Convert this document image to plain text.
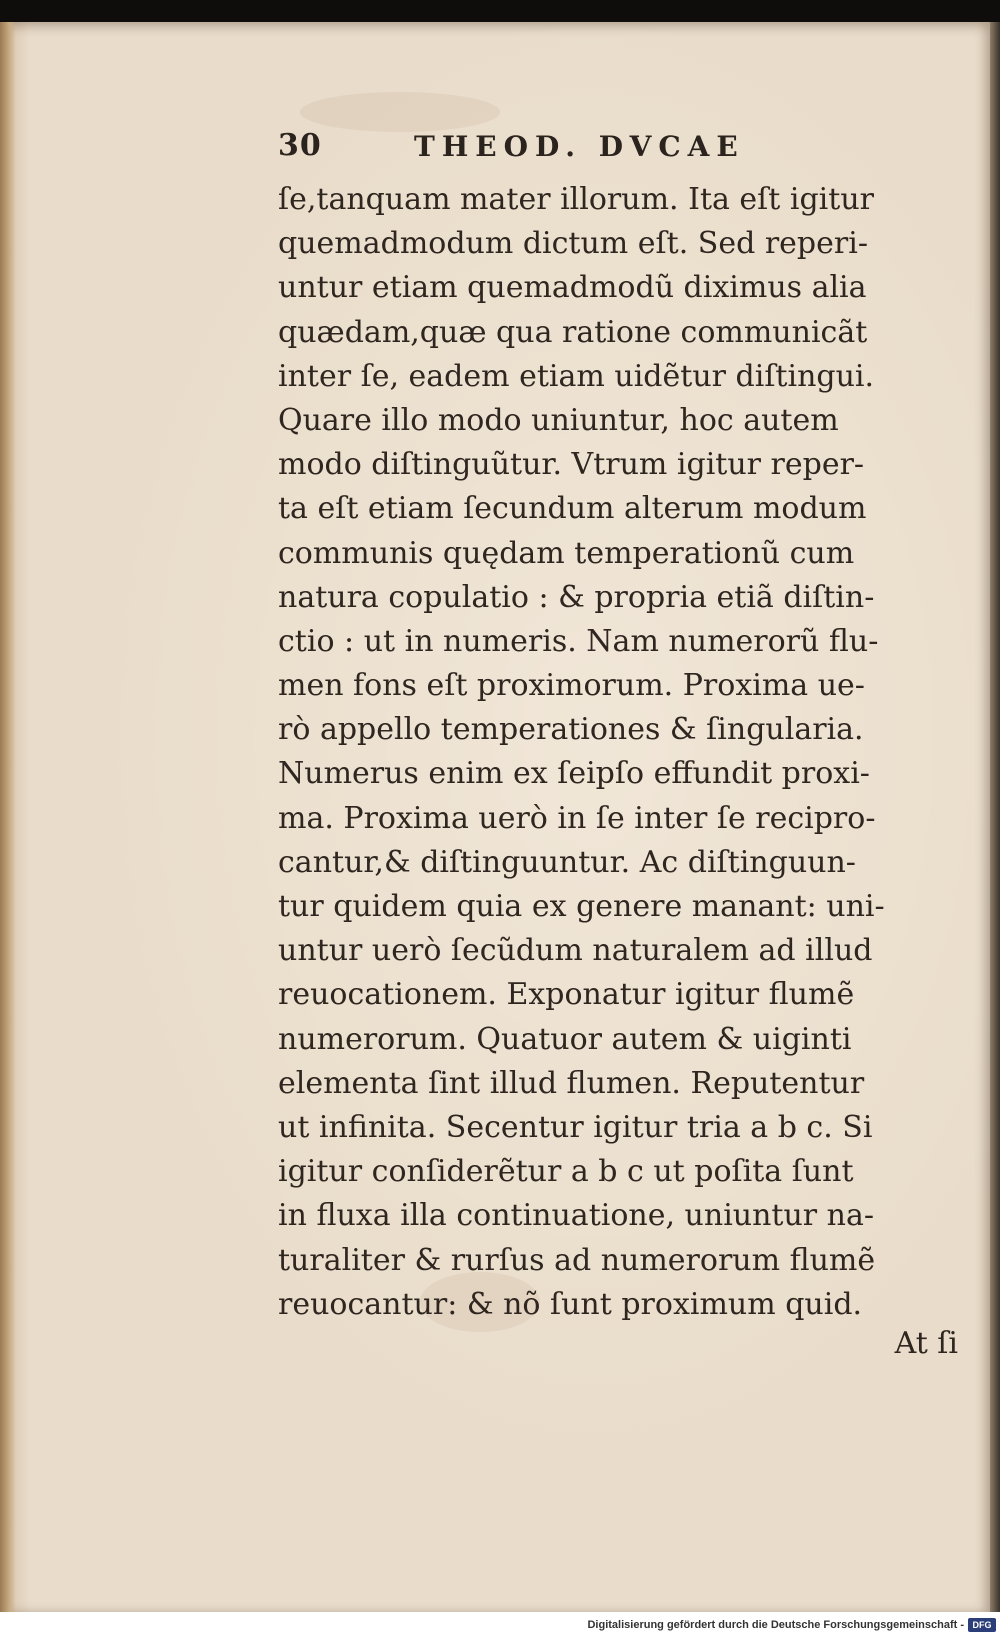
30	THEOD. DVCAE
ſe,tanquam mater illorum. Ita eſt igitur
quemadmodum dictum eſt. Sed reperi-
untur etiam quemadmodũ diximus alia
quædam,quæ qua ratione communicãt
inter ſe, eadem etiam uidẽtur diſtingui.
Quare illo modo uniuntur, hoc autem
modo diſtinguũtur. Vtrum igitur reper-
ta eſt etiam ſecundum alterum modum
communis quędam temperationũ cum
natura copulatio : & propria etiã diſtin-
ctio : ut in numeris. Nam numerorũ flu-
men fons eſt proximorum. Proxima ue-
rò appello temperationes & ſingularia.
Numerus enim ex ſeipſo effundit proxi-
ma. Proxima uerò in ſe inter ſe recipro-
cantur,& diſtinguuntur. Ac diſtinguun-
tur quidem quia ex genere manant: uni-
untur uerò ſecũdum naturalem ad illud
reuocationem. Exponatur igitur flumẽ
numerorum. Quatuor autem & uiginti
elementa ſint illud flumen. Reputentur
ut infinita. Secentur igitur tria a b c. Si
igitur conſiderẽtur a b c ut poſita ſunt
in fluxa illa continuatione, uniuntur na-
turaliter & rurſus ad numerorum flumẽ
reuocantur: & nõ ſunt proximum quid.
At ſi
Digitalisierung gefördert durch die Deutsche Forschungsgemeinschaft - DFG
